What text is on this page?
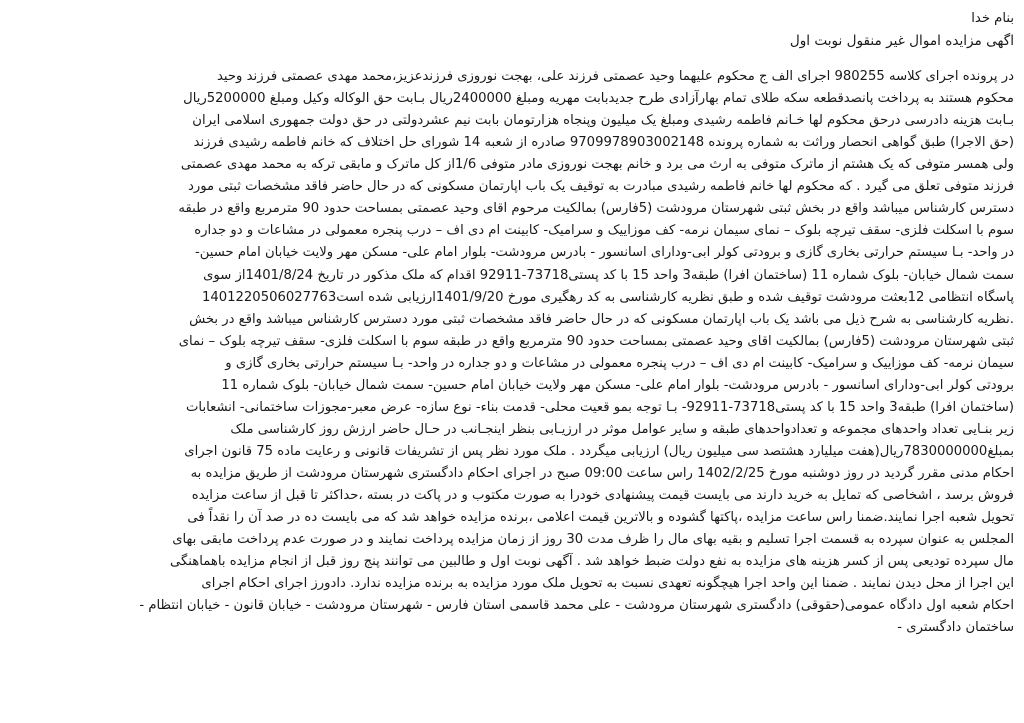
بنام خدا
اگهی مزایده اموال غیر منقول نوبت اول
در پرونده اجرای کلاسه 980255 اجرای الف ج محکوم علیهما وحید عصمتی فرزند علی، بهجت نوروزی فرزندعزیز،محمد مهدی عصمتی فرزند وحید
محکوم هستند به پرداخت پانصدقطعه سکه طلای تمام بهارآزادی طرح جدیدبابت مهریه ومبلغ 2400000ریال بـابت حق الوکاله وکیل ومبلغ 5200000ریال
بـابت هزینه دادرسی درحق محکوم لها خـانم فاطمه رشیدی ومبلغ یک میلیون وپنجاه هزارتومان بابت نیم عشردولتی در حق دولت جمهوری اسلامی ایران
(حق الاجرا) طبق گواهی انحصار وراثت به شماره پرونده 9709978903002148 صادره از شعبه 14 شورای حل اختلاف که خانم فاطمه رشیدی فرزند
ولی همسر متوفی که یک هشتم از ماترک متوفی به ارث می برد و خانم بهجت نوروزی مادر متوفی 1/6از کل ماترک و مابقی ترکه به محمد مهدی عصمتی
فرزند متوفی تعلق می گیرد . که محکوم لها خانم فاطمه رشیدی مبادرت به توقیف یک باب اپارتمان مسکونی که در حال حاضر فاقد مشخصات ثبتی مورد
دسترس کارشناس میباشد واقع در بخش ثبتی شهرستان مرودشت (5فارس) بمالکیت مرحوم اقای وحید عصمتی بمساحت حدود 90 مترمربع واقع در طبقه
سوم با اسکلت فلزی- سقف تیرچه بلوک – نمای سیمان نرمه- کف موزاییک و سرامیک- کابینت ام دی اف – درب پنجره معمولی در مشاعات و دو جداره
در واحد- بـا سیستم حرارتی بخاری گازی و برودتی کولر ابی-ودارای اسانسور - بادرس مرودشت- بلوار امام علی- مسکن مهر ولایت خیابان امام حسین-
سمت شمال خیابان- بلوک شماره 11 (ساختمان افرا) طبقه3 واحد 15 با کد پستی73718-92911 اقدام که ملک مذکور در تاریخ 1401/8/24از سوی
پاسگاه انتظامی 12بعثت مرودشت توقیف شده و طبق نظریه کارشناسی به کد رهگیری 140122050602776‪3مورخ 1401/9/20ارزیابی شده است
.نظریه کارشناسی به شرح ذیل می باشد یک باب اپارتمان مسکونی که در حال حاضر فاقد مشخصات ثبتی مورد دسترس کارشناس میباشد واقع در بخش
ثبتی شهرستان مرودشت (5فارس) بمالکیت اقای وحید عصمتی بمساحت حدود 90 مترمربع واقع در طبقه سوم با اسکلت فلزی- سقف تیرچه بلوک – نمای
سیمان نرمه- کف موزاییک و سرامیک- کابینت ام دی اف – درب پنجره معمولی در مشاعات و دو جداره در واحد- بـا سیستم حرارتی بخاری گازی و
برودتی کولر ابی-ودارای اسانسور - بادرس مرودشت- بلوار امام علی- مسکن مهر ولایت خیابان امام حسین- سمت شمال خیابان- بلوک شماره 11
(ساختمان افرا) طبقه3 واحد 15 با کد پستی73718-92911- بـا توجه بمو قعیت محلی- قدمت بناء- نوع سازه- عرض معبر-مجوزات ساختمانی- انشعابات
زیر بنـایی تعداد واحدهای مجموعه و تعدادواحدهای طبقه و سایر عوامل موثر در ارزیـابی بنظر اینجـانب در حـال حاضر ارزش روز کارشناسی ملک
بمبلغ7830000000ریال(هفت میلیارد هشتصد سی میلیون ریال) ارزیابی میگردد . ملک مورد نظر پس از تشریفات قانونی و رعایت ماده 75 قانون اجرای
احکام مدنی مقرر گردید در روز دوشنبه مورخ 1402/2/25 راس ساعت 09:00 صبح در اجرای احکام دادگستری شهرستان مرودشت از طریق مزایده به
فروش برسد ، اشخاصی که تمایل به خرید دارند می بایست قیمت پیشنهادی خودرا به صورت مکتوب و در پاکت در بسته ،حداکثر تا قبل از ساعت مزایده
تحویل شعبه اجرا نمایند.ضمنا راس ساعت مزایده ،پاکتها گشوده و بالاترین قیمت اعلامی ،برنده مزایده خواهد شد که می بایست ده در صد آن را نقداً فی
المجلس به عنوان سپرده به قسمت اجرا تسلیم و بقیه بهای مال را ظرف مدت 30 روز از زمان مزایده پرداخت نمایند و در صورت عدم پرداخت مابقی بهای
مال سپرده تودیعی پس از کسر هزینه های مزایده به نفع دولت ضبط خواهد شد . آگهی نوبت اول و طالبین می توانند پنج روز قبل از انجام مزایده باهماهنگی
این اجرا از محل دیدن نمایند . ضمنا این واحد اجرا هیچگونه تعهدی نسبت به تحویل ملک مورد مزایده به برنده مزایده ندارد. دادورز اجرای احکام اجرای
احکام شعبه اول دادگاه عمومی(حقوقی) دادگستری شهرستان مرودشت - علی محمد قاسمی استان فارس - شهرستان مرودشت - خیابان قانون - خیابان انتظام -
ساختمان دادگستری -
